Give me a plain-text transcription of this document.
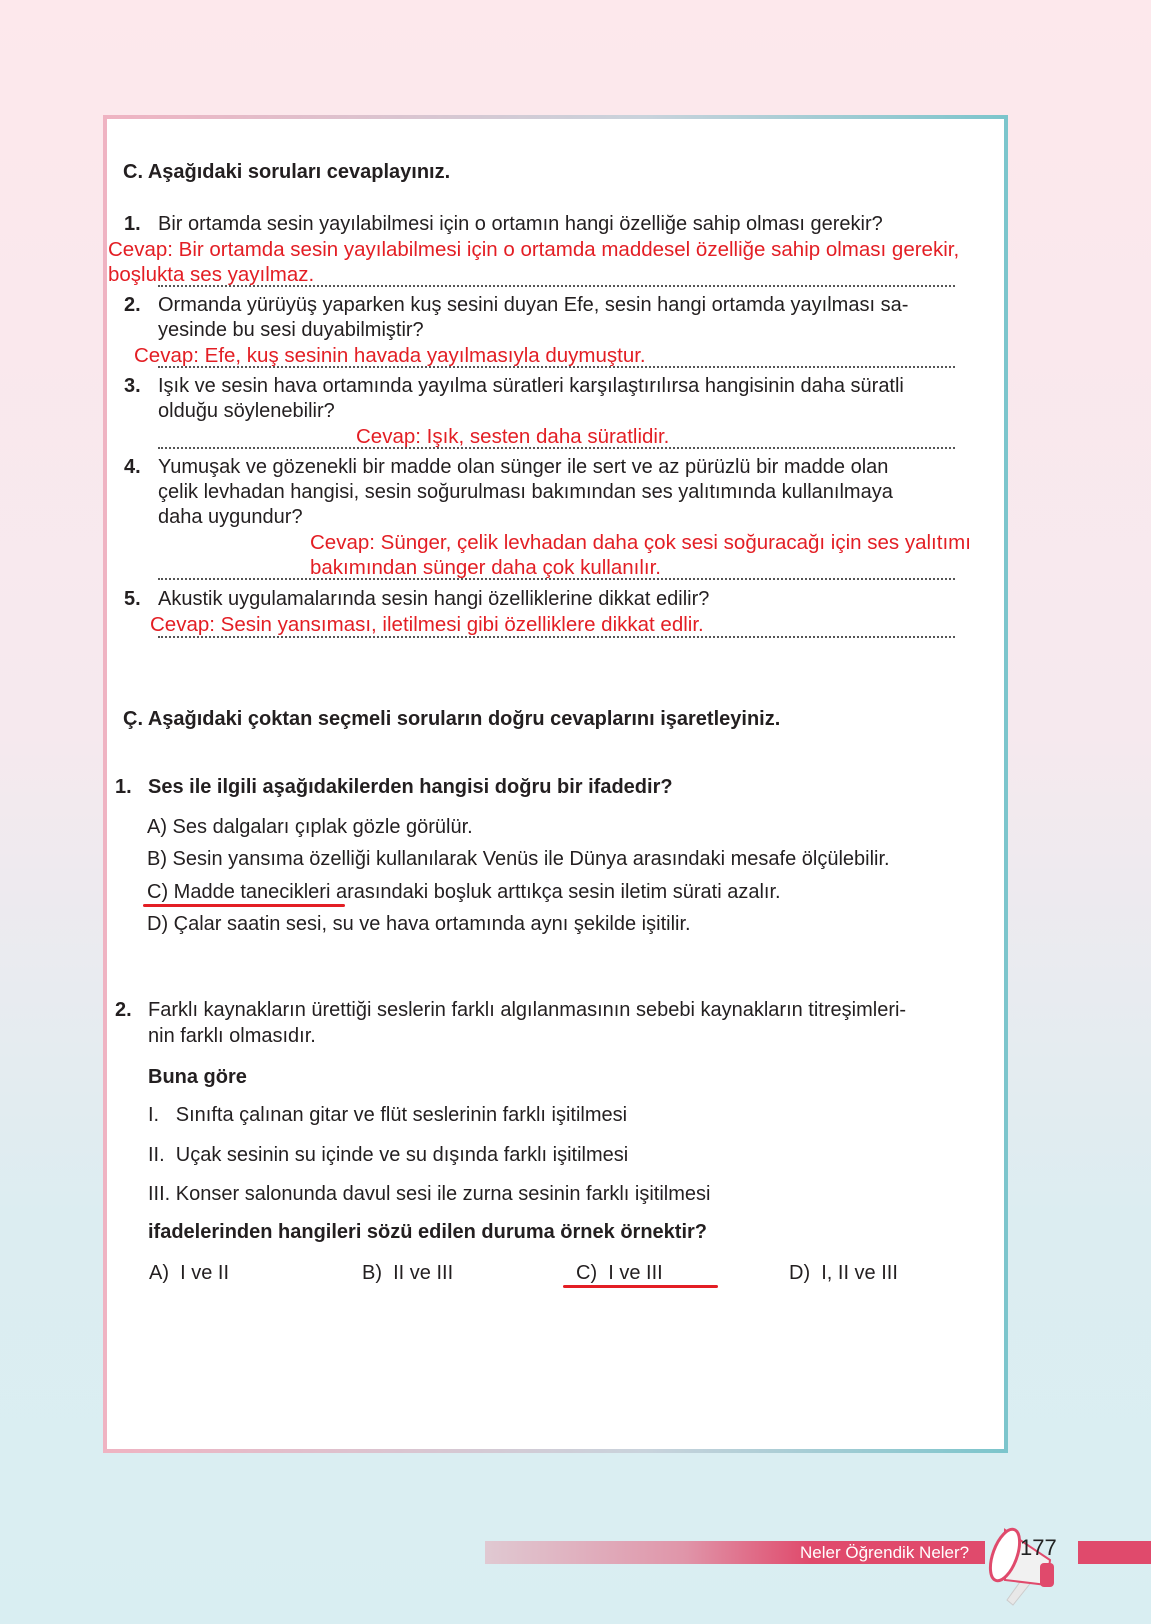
C. Aşağıdaki soruları cevaplayınız.
1. Bir ortamda sesin yayılabilmesi için o ortamın hangi özelliğe sahip olması gerekir?
Cevap: Bir ortamda sesin yayılabilmesi için o ortamda maddesel özelliğe sahip olması gerekir,
boşlukta ses yayılmaz.
2. Ormanda yürüyüş yaparken kuş sesini duyan Efe, sesin hangi ortamda yayılması sa-
yesinde bu sesi duyabilmiştir?
Cevap: Efe, kuş sesinin havada yayılmasıyla duymuştur.
3. Işık ve sesin hava ortamında yayılma süratleri karşılaştırılırsa hangisinin daha süratli
olduğu söylenebilir?
Cevap: Işık, sesten daha süratlidir.
4. Yumuşak ve gözenekli bir madde olan sünger ile sert ve az pürüzlü bir madde olan
çelik levhadan hangisi, sesin soğurulması bakımından ses yalıtımında kullanılmaya
daha uygundur?
Cevap: Sünger, çelik levhadan daha çok sesi soğuracağı için ses yalıtımı
bakımından sünger daha çok kullanılır.
5. Akustik uygulamalarında sesin hangi özelliklerine dikkat edilir?
Cevap: Sesin yansıması, iletilmesi gibi özelliklere dikkat edlir.
Ç. Aşağıdaki çoktan seçmeli soruların doğru cevaplarını işaretleyiniz.
1. Ses ile ilgili aşağıdakilerden hangisi doğru bir ifadedir?
A) Ses dalgaları çıplak gözle görülür.
B) Sesin yansıma özelliği kullanılarak Venüs ile Dünya arasındaki mesafe ölçülebilir.
C) Madde tanecikleri arasındaki boşluk arttıkça sesin iletim sürati azalır.
D) Çalar saatin sesi, su ve hava ortamında aynı şekilde işitilir.
2. Farklı kaynakların ürettiği seslerin farklı algılanmasının sebebi kaynakların titreşimleri-
nin farklı olmasıdır.
Buna göre
I.   Sınıfta çalınan gitar ve flüt seslerinin farklı işitilmesi
II.  Uçak sesinin su içinde ve su dışında farklı işitilmesi
III. Konser salonunda davul sesi ile zurna sesinin farklı işitilmesi
ifadelerinden hangileri sözü edilen duruma örnek örnektir?
A)  I ve II	B)  II ve III	C)  I ve III	D)  I, II ve III
Neler Öğrendik Neler? 177
